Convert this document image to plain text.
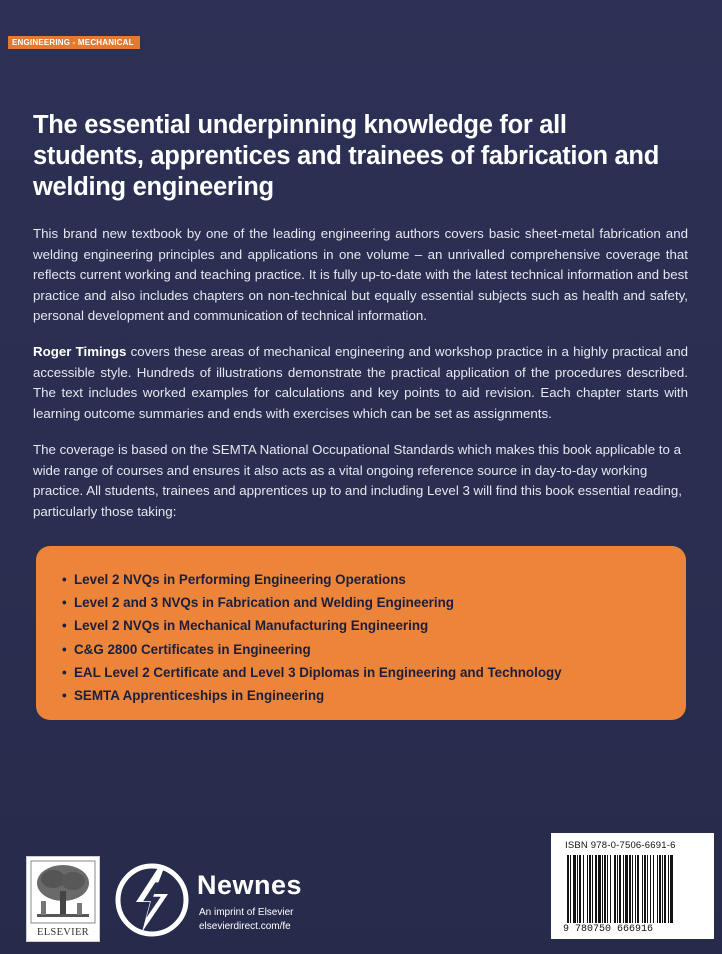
ENGINEERING - MECHANICAL
The essential underpinning knowledge for all students, apprentices and trainees of fabrication and welding engineering
This brand new textbook by one of the leading engineering authors covers basic sheet-metal fabrication and welding engineering principles and applications in one volume – an unrivalled comprehensive coverage that reflects current working and teaching practice. It is fully up-to-date with the latest technical information and best practice and also includes chapters on non-technical but equally essential subjects such as health and safety, personal development and communication of technical information.
Roger Timings covers these areas of mechanical engineering and workshop practice in a highly practical and accessible style. Hundreds of illustrations demonstrate the practical application of the procedures described. The text includes worked examples for calculations and key points to aid revision. Each chapter starts with learning outcome summaries and ends with exercises which can be set as assignments.
The coverage is based on the SEMTA National Occupational Standards which makes this book applicable to a wide range of courses and ensures it also acts as a vital ongoing reference source in day-to-day working practice. All students, trainees and apprentices up to and including Level 3 will find this book essential reading, particularly those taking:
• Level 2 NVQs in Performing Engineering Operations
• Level 2 and 3 NVQs in Fabrication and Welding Engineering
• Level 2 NVQs in Mechanical Manufacturing Engineering
• C&G 2800 Certificates in Engineering
• EAL Level 2 Certificate and Level 3 Diplomas in Engineering and Technology
• SEMTA Apprenticeships in Engineering
ELSEVIER
Newnes
An imprint of Elsevier
elsevierdirect.com/fe
ISBN 978-0-7506-6691-6
9 780750 666916
